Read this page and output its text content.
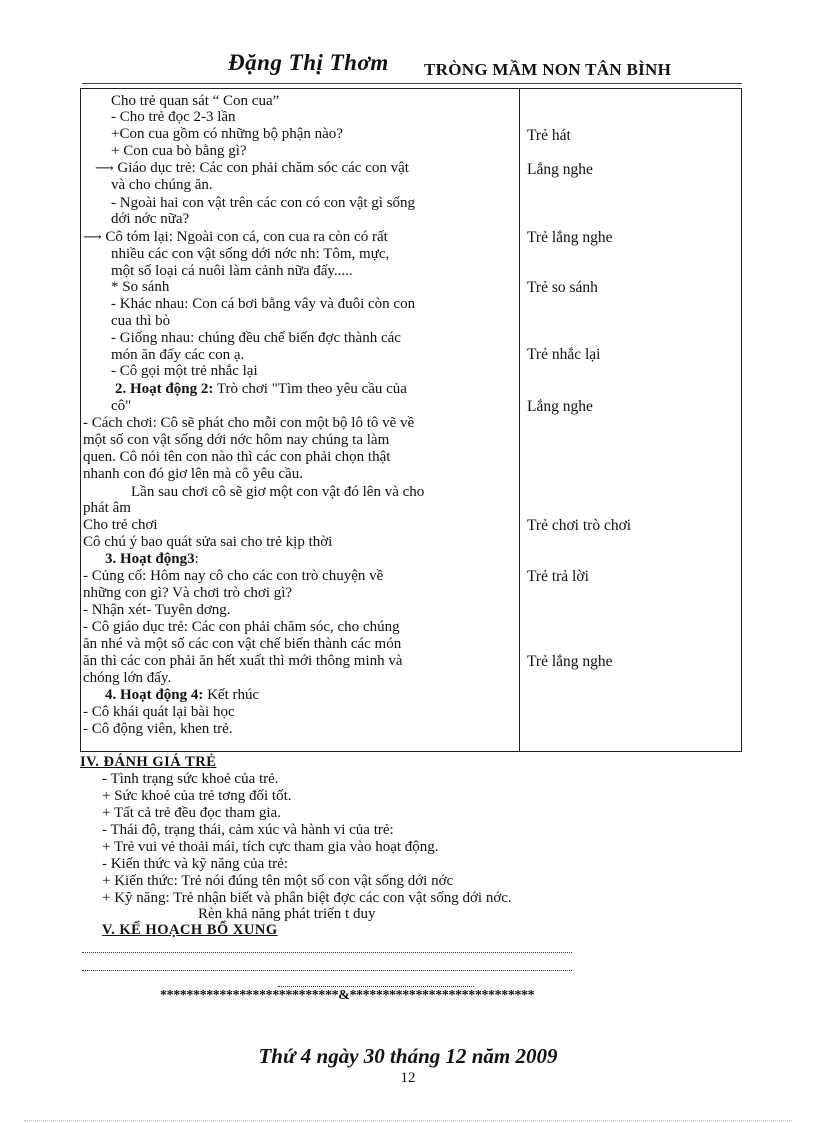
Đặng Thị Thơm TRÒNG MẦM NON TÂN BÌNH
Cho trẻ quan sát “ Con cua”
- Cho trẻ đọc 2-3 lần
+Con cua gồm có những bộ phận nào?
+ Con cua bò bằng gì?
⟶ Giáo dục trẻ: Các con phải chăm sóc các con vật
và cho chúng ăn.
- Ngoài hai con vật trên các con có con vật gì sống
dới nớc nữa?
⟶ Cô tóm lại: Ngoài con cá, con cua ra còn có rất
nhiều các con vật sống dới nớc nh: Tôm, mực,
một số loại cá nuôi làm cảnh nữa đấy.....
* So sánh
- Khác nhau: Con cá bơi bằng vây và đuôi còn con
cua thì bò
- Giống nhau: chúng đều chế biến đợc thành các
món ăn đấy các con ạ.
- Cô gọi một trẻ nhắc lại
2. Hoạt động 2: Trò chơi "Tìm theo yêu cầu của
cô"
- Cách chơi: Cô sẽ phát cho mỗi con một bộ lô tô vẽ về
một số con vật sống dới nớc hôm nay chúng ta làm
quen. Cô nói tên con nào thì các con phải chọn thật
nhanh con đó giơ lên mà cô yêu cầu.
Lần sau chơi cô sẽ giơ một con vật đó lên và cho
phát âm
Cho trẻ chơi
Cô chú ý bao quát sửa sai cho trẻ kịp thời
3. Hoạt động3:
- Củng cố: Hôm nay cô cho các con trò chuyện về
những con gì? Và chơi trò chơi gì?
- Nhận xét- Tuyên dơng.
- Cô giáo dục trẻ: Các con phải chăm sóc, cho chúng
ăn nhé và một số các con vật chế biến thành các món
ăn thì các con phải ăn hết xuất thì mới thông minh và
chóng lớn đấy.
4. Hoạt động 4: Kết rhúc
- Cô khái quát lại bài học
- Cô động viên, khen trẻ.
Trẻ hát
Lắng nghe
Trẻ lắng nghe
Trẻ so sánh
Trẻ nhắc lại
Lắng nghe
Trẻ chơi trò chơi
Trẻ trả lời
Trẻ lắng nghe
IV. ĐÁNH GIÁ TRẺ
- Tình trạng sức khoẻ của trẻ.
+ Sức khoẻ của trẻ tơng đối tốt.
+ Tất cả trẻ đều đọc tham gia.
- Thái độ, trạng thái, cảm xúc và hành vi của trẻ:
+ Trẻ vui vẻ thoải mái, tích cực tham gia vào hoạt động.
- Kiến thức và kỹ năng của trẻ:
+ Kiến thức: Trẻ nói đúng tên một số con vật sống dới nớc
+ Kỹ năng: Trẻ nhận biết và phân biệt đợc các con vật sống dới nớc.
Rèn khả năng phát triển t duy
V. KẾ HOẠCH BỔ XUNG
***************************&****************************
Thứ 4 ngày 30 tháng 12 năm 2009
12
